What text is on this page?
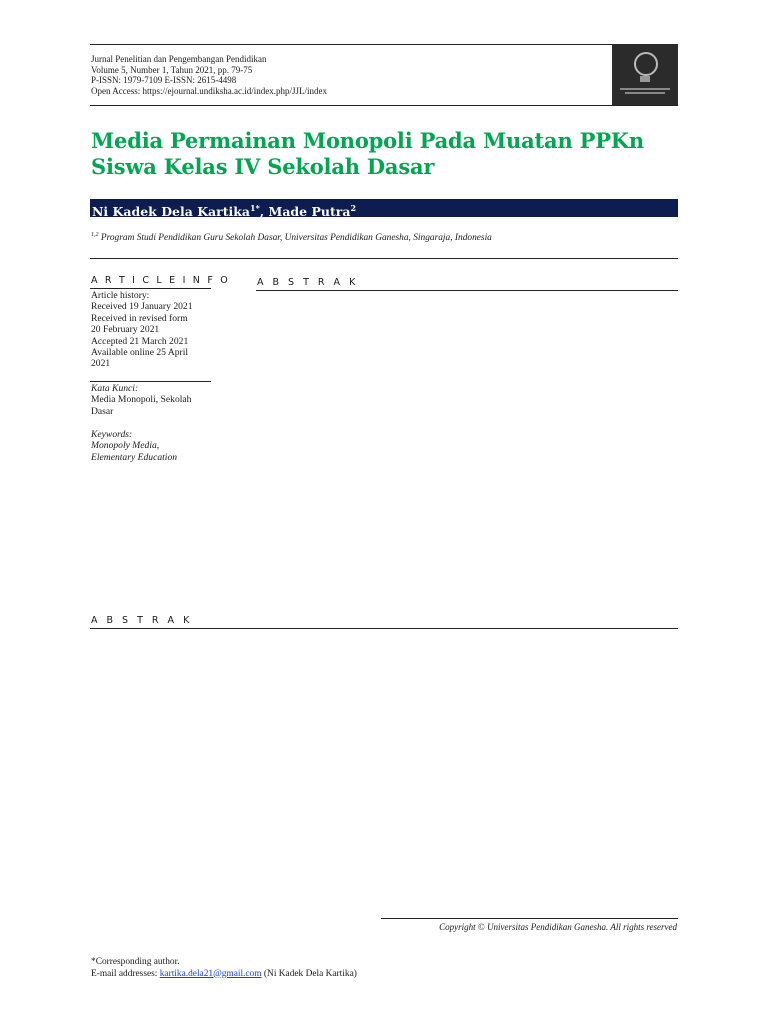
Jurnal Penelitian dan Pengembangan Pendidikan
Volume 5, Number 1, Tahun 2021, pp. 79-75
P-ISSN: 1979-7109 E-ISSN: 2615-4498
Open Access: https://ejournal.undiksha.ac.id/index.php/JJL/index
Media Permainan Monopoli Pada Muatan PPKn Siswa Kelas IV Sekolah Dasar
Ni Kadek Dela Kartika$^{1*}$, Made Putra$^2$
$^{1,2}$ Program Studi Pendidikan Guru Sekolah Dasar, Universitas Pendidikan Ganesha, Singaraja, Indonesia
A R T I C L E I N F O
Article history:
Received 19 January 2021
Received in revised form
20 February 2021
Accepted 21 March 2021
Available online 25 April
2021
Kata Kunci:
Media Monopoli, Sekolah
Dasar
Keywords:
Monopoly Media,
Elementary Education
A B S T R A K
A B S T R A K
Copyright © Universitas Pendidikan Ganesha. All rights reserved
*Corresponding author.
E-mail addresses: kartika.dela21@gmail.com (Ni Kadek Dela Kartika)
